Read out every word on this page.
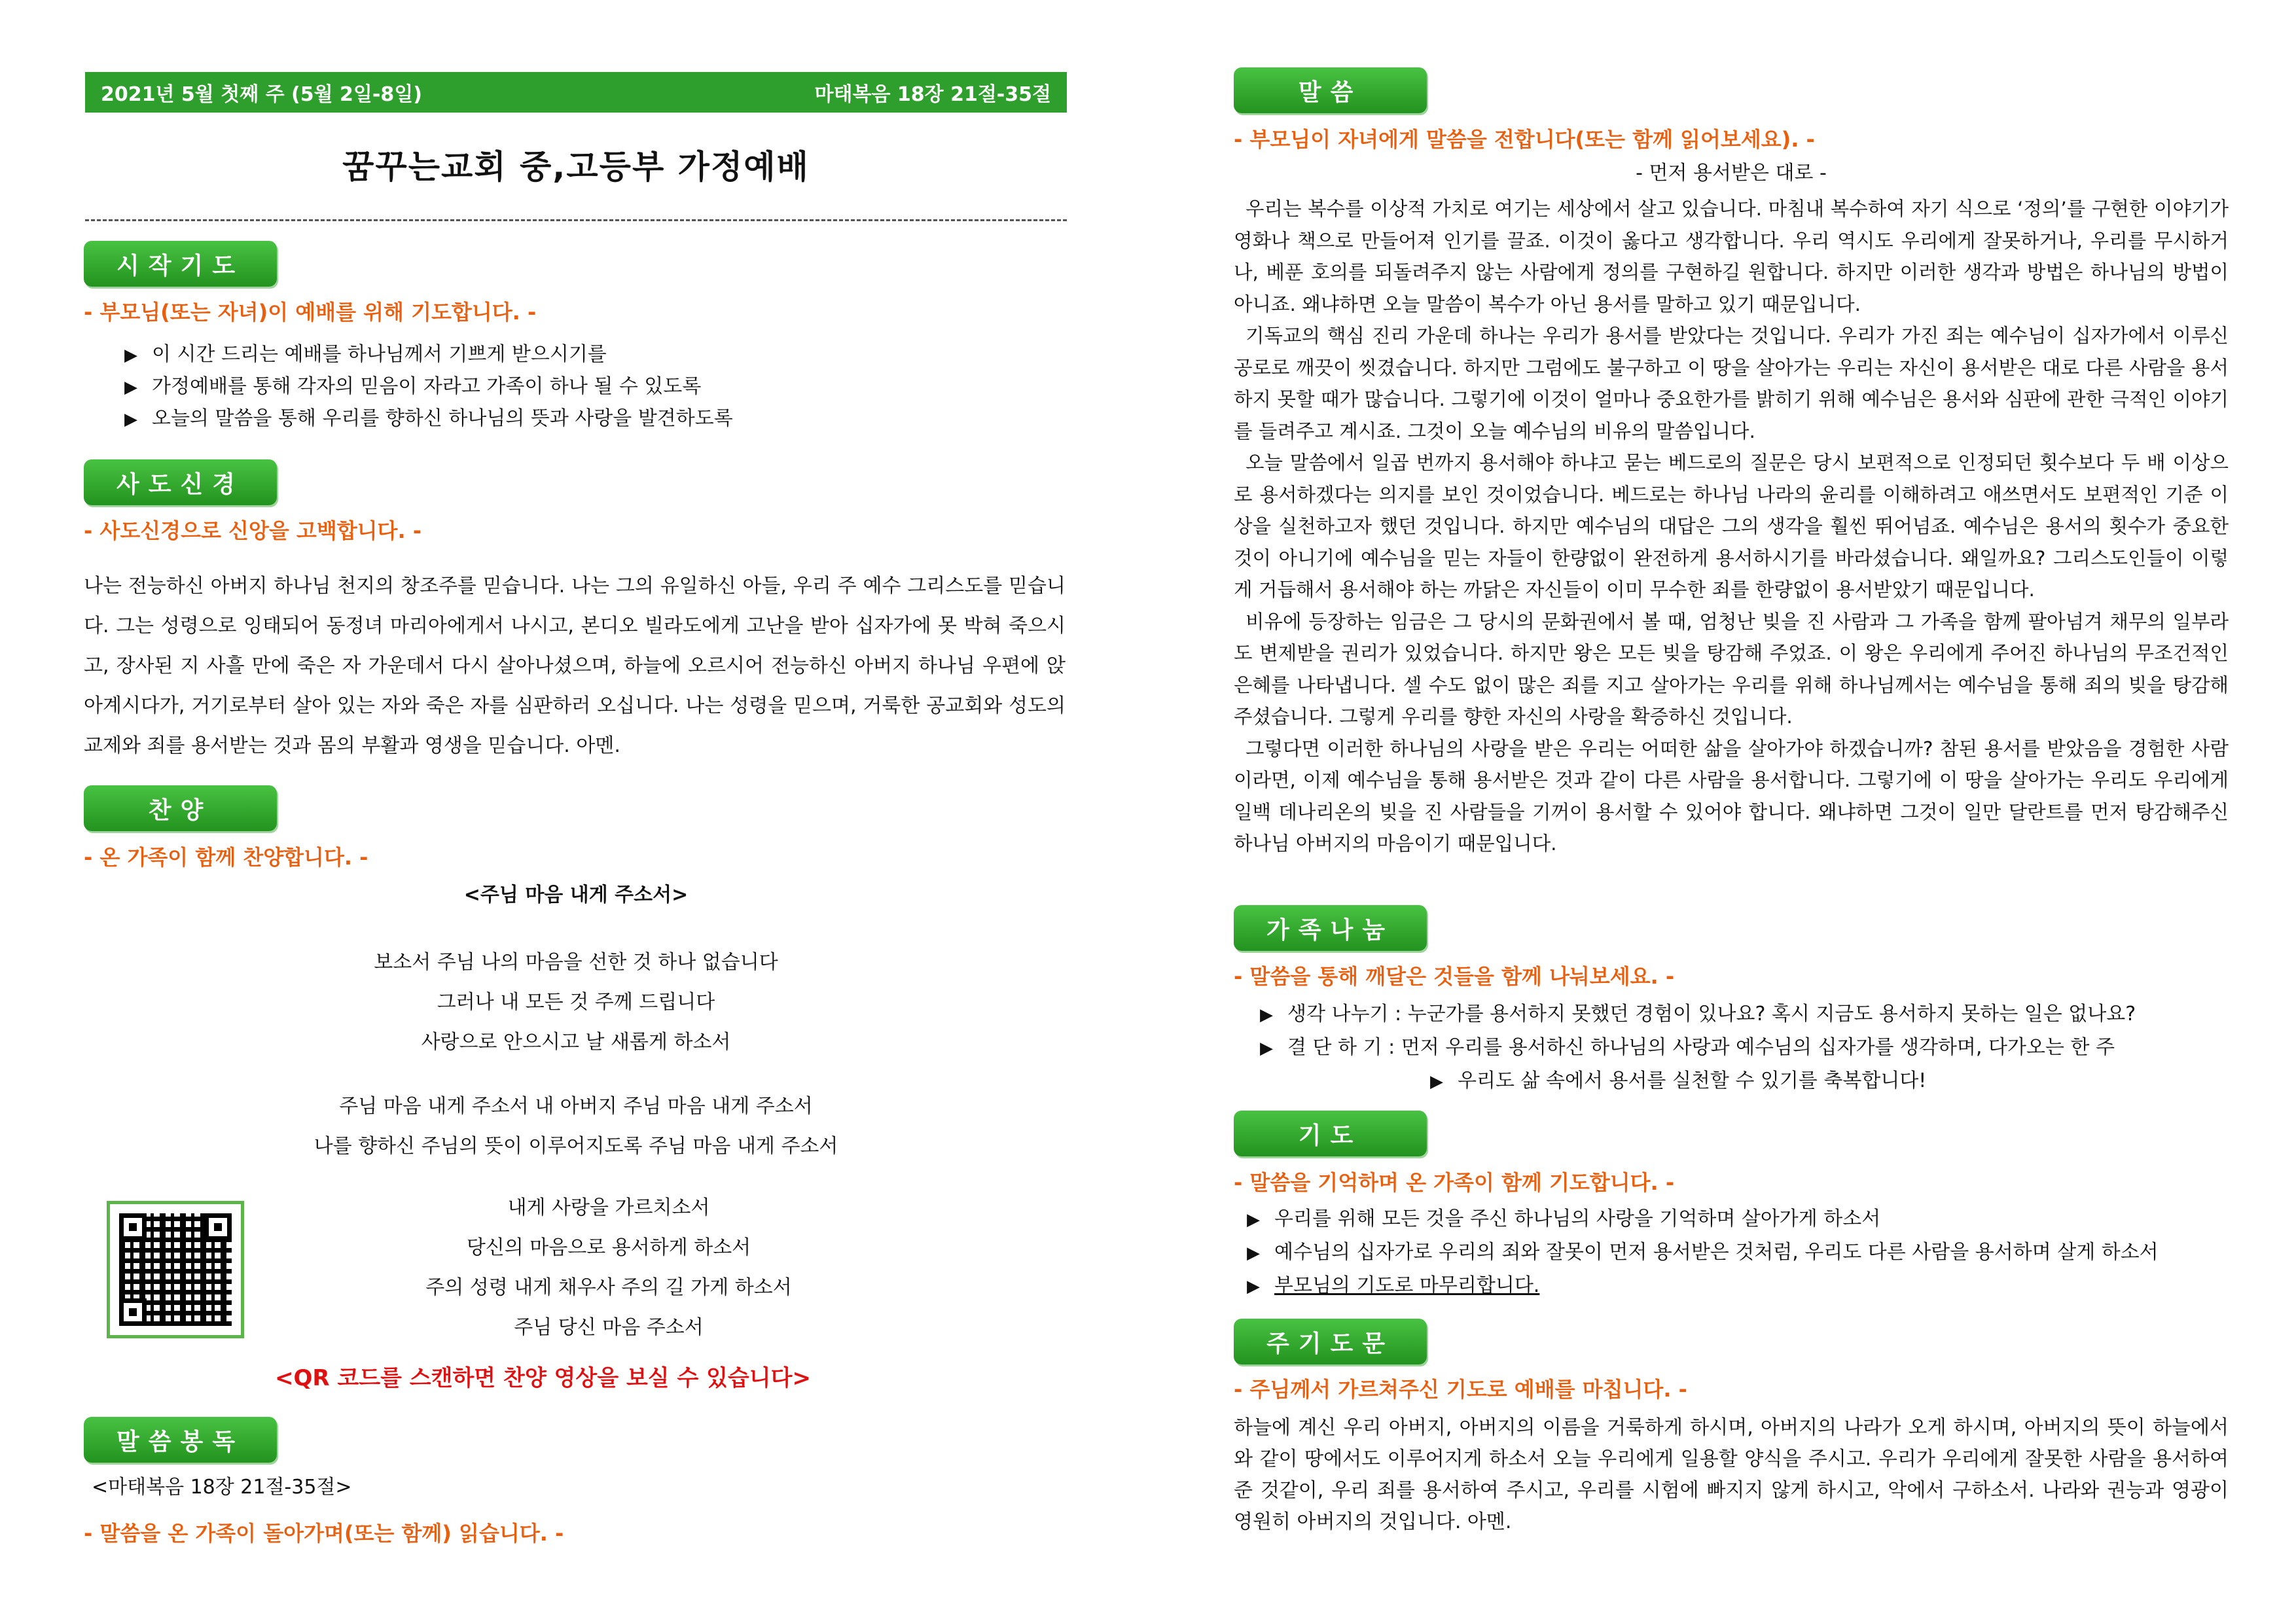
2021년 5월 첫째 주 (5월 2일-8일)	마태복음 18장 21절-35절
꿈꾸는교회 중,고등부 가정예배
시작기도
- 부모님(또는 자녀)이 예배를 위해 기도합니다. -
▶ 이 시간 드리는 예배를 하나님께서 기쁘게 받으시기를
▶ 가정예배를 통해 각자의 믿음이 자라고 가족이 하나 될 수 있도록
▶ 오늘의 말씀을 통해 우리를 향하신 하나님의 뜻과 사랑을 발견하도록
사도신경
- 사도신경으로 신앙을 고백합니다. -
나는 전능하신 아버지 하나님 천지의 창조주를 믿습니다. 나는 그의 유일하신 아들, 우리 주 예수 그리스도를 믿습니다. 그는 성령으로 잉태되어 동정녀 마리아에게서 나시고, 본디오 빌라도에게 고난을 받아 십자가에 못 박혀 죽으시고, 장사된 지 사흘 만에 죽은 자 가운데서 다시 살아나셨으며, 하늘에 오르시어 전능하신 아버지 하나님 우편에 앉아계시다가, 거기로부터 살아 있는 자와 죽은 자를 심판하러 오십니다. 나는 성령을 믿으며, 거룩한 공교회와 성도의 교제와 죄를 용서받는 것과 몸의 부활과 영생을 믿습니다. 아멘.
찬양
- 온 가족이 함께 찬양합니다. -
<주님 마음 내게 주소서>
보소서 주님 나의 마음을 선한 것 하나 없습니다
그러나 내 모든 것 주께 드립니다
사랑으로 안으시고 날 새롭게 하소서
주님 마음 내게 주소서 내 아버지 주님 마음 내게 주소서
나를 향하신 주님의 뜻이 이루어지도록 주님 마음 내게 주소서
내게 사랑을 가르치소서
당신의 마음으로 용서하게 하소서
주의 성령 내게 채우사 주의 길 가게 하소서
주님 당신 마음 주소서
<QR 코드를 스캔하면 찬양 영상을 보실 수 있습니다>
말씀봉독
<마태복음 18장 21절-35절>
- 말씀을 온 가족이 돌아가며(또는 함께) 읽습니다. -
말씀
- 부모님이 자녀에게 말씀을 전합니다(또는 함께 읽어보세요). -
- 먼저 용서받은 대로 -

우리는 복수를 이상적 가치로 여기는 세상에서 살고 있습니다. 마침내 복수하여 자기 식으로 ‘정의’를 구현한 이야기가 영화나 책으로 만들어져 인기를 끌죠. 이것이 옳다고 생각합니다. 우리 역시도 우리에게 잘못하거나, 우리를 무시하거나, 베푼 호의를 되돌려주지 않는 사람에게 정의를 구현하길 원합니다. 하지만 이러한 생각과 방법은 하나님의 방법이 아니죠. 왜냐하면 오늘 말씀이 복수가 아닌 용서를 말하고 있기 때문입니다.

기독교의 핵심 진리 가운데 하나는 우리가 용서를 받았다는 것입니다. 우리가 가진 죄는 예수님이 십자가에서 이루신 공로로 깨끗이 씻겼습니다. 하지만 그럼에도 불구하고 이 땅을 살아가는 우리는 자신이 용서받은 대로 다른 사람을 용서하지 못할 때가 많습니다. 그렇기에 이것이 얼마나 중요한가를 밝히기 위해 예수님은 용서와 심판에 관한 극적인 이야기를 들려주고 계시죠. 그것이 오늘 예수님의 비유의 말씀입니다.

오늘 말씀에서 일곱 번까지 용서해야 하냐고 묻는 베드로의 질문은 당시 보편적으로 인정되던 횟수보다 두 배 이상으로 용서하겠다는 의지를 보인 것이었습니다. 베드로는 하나님 나라의 윤리를 이해하려고 애쓰면서도 보편적인 기준 이상을 실천하고자 했던 것입니다. 하지만 예수님의 대답은 그의 생각을 훨씬 뛰어넘죠. 예수님은 용서의 횟수가 중요한 것이 아니기에 예수님을 믿는 자들이 한량없이 완전하게 용서하시기를 바라셨습니다. 왜일까요? 그리스도인들이 이렇게 거듭해서 용서해야 하는 까닭은 자신들이 이미 무수한 죄를 한량없이 용서받았기 때문입니다.

비유에 등장하는 임금은 그 당시의 문화권에서 볼 때, 엄청난 빚을 진 사람과 그 가족을 함께 팔아넘겨 채무의 일부라도 변제받을 권리가 있었습니다. 하지만 왕은 모든 빚을 탕감해 주었죠. 이 왕은 우리에게 주어진 하나님의 무조건적인 은혜를 나타냅니다. 셀 수도 없이 많은 죄를 지고 살아가는 우리를 위해 하나님께서는 예수님을 통해 죄의 빚을 탕감해 주셨습니다. 그렇게 우리를 향한 자신의 사랑을 확증하신 것입니다.

그렇다면 이러한 하나님의 사랑을 받은 우리는 어떠한 삶을 살아가야 하겠습니까? 참된 용서를 받았음을 경험한 사람이라면, 이제 예수님을 통해 용서받은 것과 같이 다른 사람을 용서합니다. 그렇기에 이 땅을 살아가는 우리도 우리에게 일백 데나리온의 빚을 진 사람들을 기꺼이 용서할 수 있어야 합니다. 왜냐하면 그것이 일만 달란트를 먼저 탕감해주신 하나님 아버지의 마음이기 때문입니다.

가족나눔
- 말씀을 통해 깨달은 것들을 함께 나눠보세요. -
▶ 생각 나누기 : 누군가를 용서하지 못했던 경험이 있나요? 혹시 지금도 용서하지 못하는 일은 없나요?
▶ 결 단 하 기 : 먼저 우리를 용서하신 하나님의 사랑과 예수님의 십자가를 생각하며, 다가오는 한 주
▶ 우리도 삶 속에서 용서를 실천할 수 있기를 축복합니다!
기도
- 말씀을 기억하며 온 가족이 함께 기도합니다. -
▶ 우리를 위해 모든 것을 주신 하나님의 사랑을 기억하며 살아가게 하소서
▶ 예수님의 십자가로 우리의 죄와 잘못이 먼저 용서받은 것처럼, 우리도 다른 사람을 용서하며 살게 하소서
▶ 부모님의 기도로 마무리합니다.
주기도문
- 주님께서 가르쳐주신 기도로 예배를 마칩니다. -
하늘에 계신 우리 아버지, 아버지의 이름을 거룩하게 하시며, 아버지의 나라가 오게 하시며, 아버지의 뜻이 하늘에서와 같이 땅에서도 이루어지게 하소서 오늘 우리에게 일용할 양식을 주시고. 우리가 우리에게 잘못한 사람을 용서하여 준 것같이, 우리 죄를 용서하여 주시고, 우리를 시험에 빠지지 않게 하시고, 악에서 구하소서. 나라와 권능과 영광이 영원히 아버지의 것입니다. 아멘.
